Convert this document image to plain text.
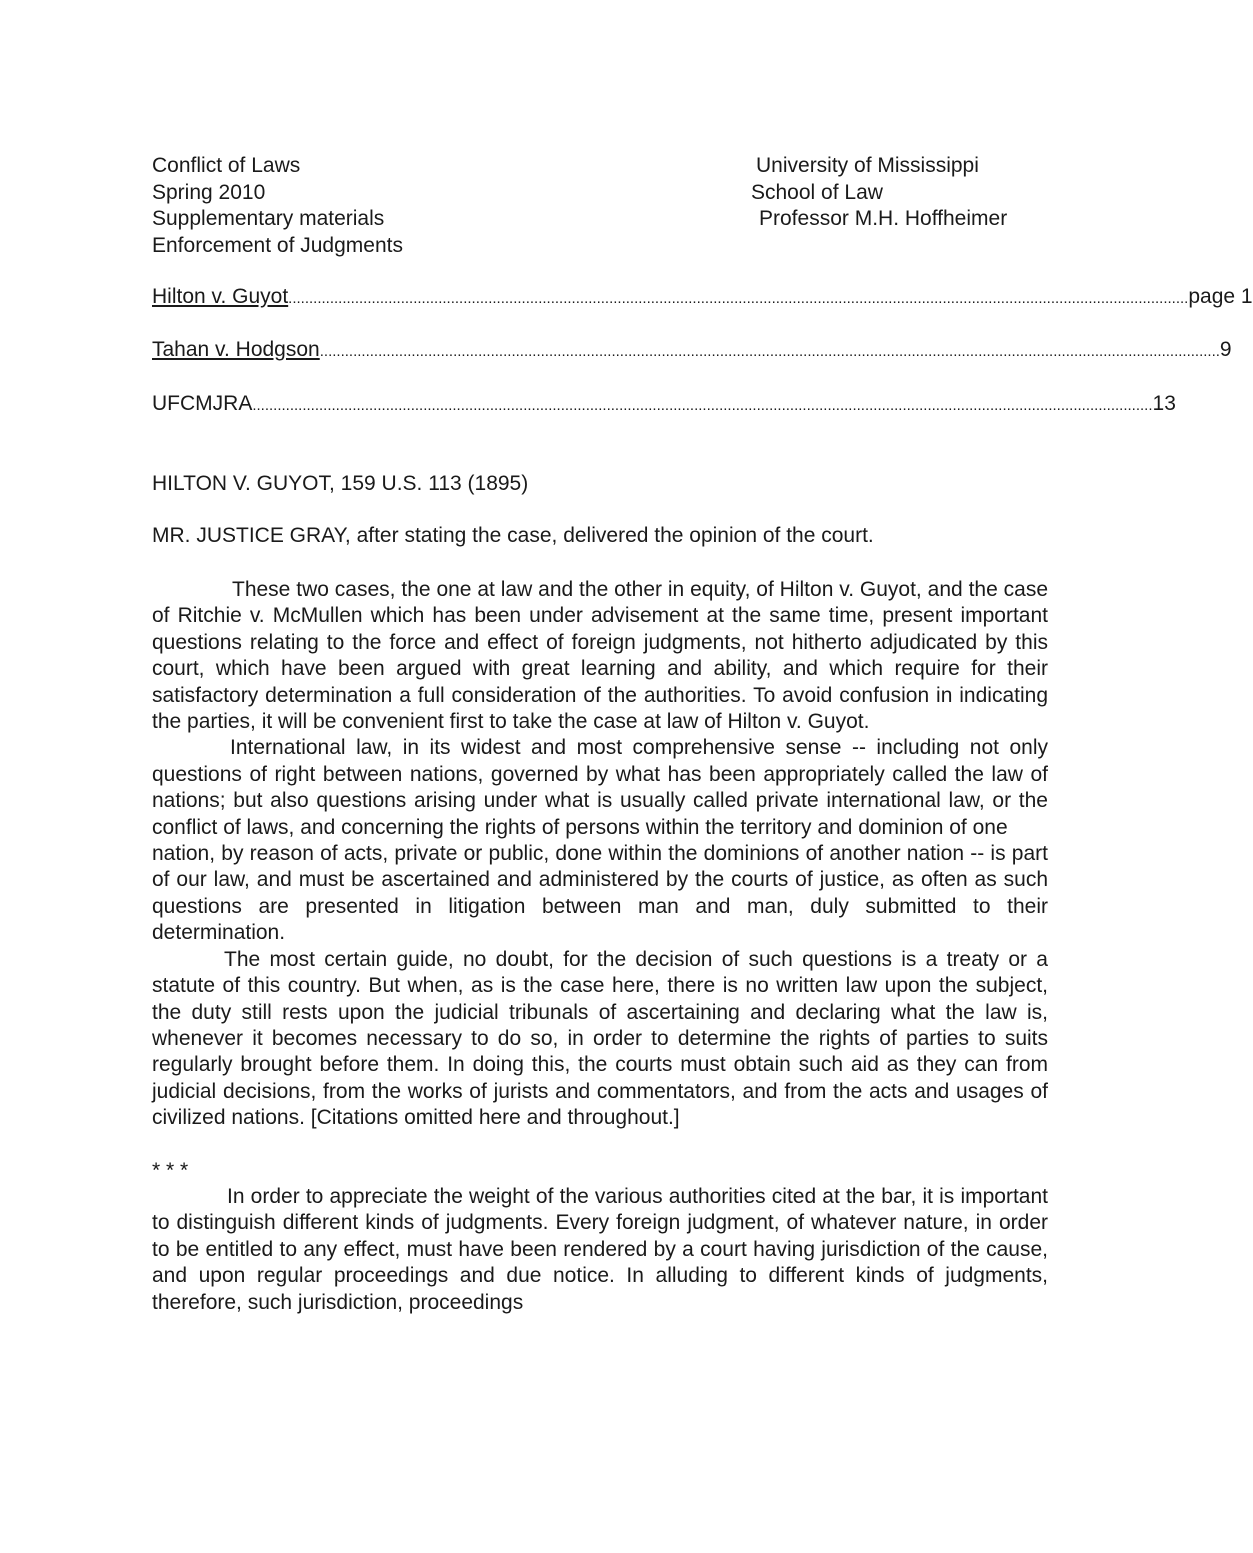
Conflict of Laws	University of Mississippi
Spring 2010	School of Law
Supplementary materials	Professor M.H. Hoffheimer
Enforcement of Judgments
Hilton v. Guyot ........................................................................................................................................................................................................................ page 1
Tahan v. Hodgson ........................................................................................................................................................................................................................ 9
UFCMJRA ........................................................................................................................................................................................................................ 13
HILTON V. GUYOT, 159 U.S. 113 (1895)
MR. JUSTICE GRAY, after stating the case, delivered the opinion of the court.

These two cases, the one at law and the other in equity, of Hilton v. Guyot, and the case of Ritchie v. McMullen which has been under advisement at the same time, present important questions relating to the force and effect of foreign judgments, not hitherto adjudicated by this court, which have been argued with great learning and ability, and which require for their satisfactory determination a full consideration of the authorities. To avoid confusion in indicating the parties, it will be convenient first to take the case at law of Hilton v. Guyot.

International law, in its widest and most comprehensive sense -- including not only questions of right between nations, governed by what has been appropriately called the law of nations; but also questions arising under what is usually called private international law, or the conflict of laws, and concerning the rights of persons within the territory and dominion of one

nation, by reason of acts, private or public, done within the dominions of another nation -- is part of our law, and must be ascertained and administered by the courts of justice, as often as such questions are presented in litigation between man and man, duly submitted to their determination.

The most certain guide, no doubt, for the decision of such questions is a treaty or a statute of this country. But when, as is the case here, there is no written law upon the subject, the duty still rests upon the judicial tribunals of ascertaining and declaring what the law is, whenever it becomes necessary to do so, in order to determine the rights of parties to suits regularly brought before them. In doing this, the courts must obtain such aid as they can from judicial decisions, from the works of jurists and commentators, and from the acts and usages of civilized nations. [Citations omitted here and throughout.]

* * *

In order to appreciate the weight of the various authorities cited at the bar, it is important to distinguish different kinds of judgments. Every foreign judgment, of whatever nature, in order to be entitled to any effect, must have been rendered by a court having jurisdiction of the cause, and upon regular proceedings and due notice. In alluding to different kinds of judgments, therefore, such jurisdiction, proceedings
